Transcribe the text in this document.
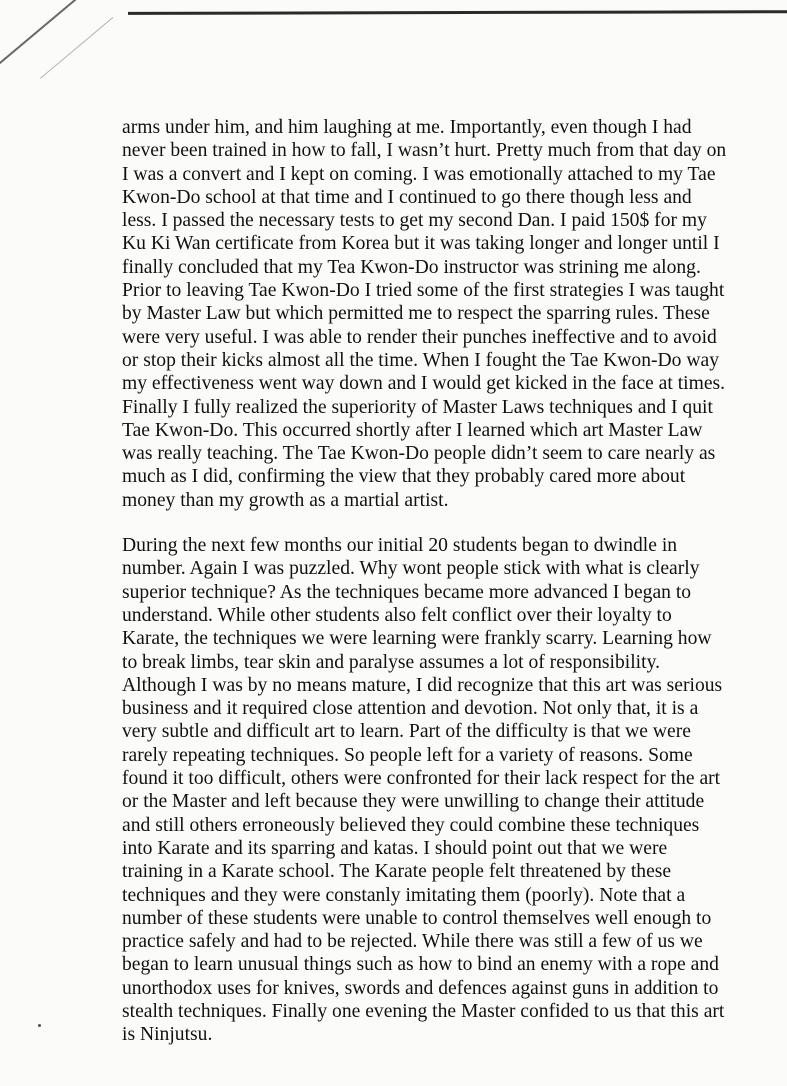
arms under him, and him laughing at me. Importantly, even though I had
never been trained in how to fall, I wasn’t hurt. Pretty much from that day on
I was a convert and I kept on coming. I was emotionally attached to my Tae
Kwon-Do school at that time and I continued to go there though less and
less. I passed the necessary tests to get my second Dan. I paid 150$ for my
Ku Ki Wan certificate from Korea but it was taking longer and longer until I
finally concluded that my Tea Kwon-Do instructor was strining me along.
Prior to leaving Tae Kwon-Do I tried some of the first strategies I was taught
by Master Law but which permitted me to respect the sparring rules. These
were very useful. I was able to render their punches ineffective and to avoid
or stop their kicks almost all the time. When I fought the Tae Kwon-Do way
my effectiveness went way down and I would get kicked in the face at times.
Finally I fully realized the superiority of Master Laws techniques and I quit
Tae Kwon-Do. This occurred shortly after I learned which art Master Law
was really teaching. The Tae Kwon-Do people didn’t seem to care nearly as
much as I did, confirming the view that they probably cared more about
money than my growth as a martial artist.

During the next few months our initial 20 students began to dwindle in
number. Again I was puzzled. Why wont people stick with what is clearly
superior technique? As the techniques became more advanced I began to
understand. While other students also felt conflict over their loyalty to
Karate, the techniques we were learning were frankly scarry. Learning how
to break limbs, tear skin and paralyse assumes a lot of responsibility.
Although I was by no means mature, I did recognize that this art was serious
business and it required close attention and devotion. Not only that, it is a
very subtle and difficult art to learn. Part of the difficulty is that we were
rarely repeating techniques. So people left for a variety of reasons. Some
found it too difficult, others were confronted for their lack respect for the art
or the Master and left because they were unwilling to change their attitude
and still others erroneously believed they could combine these techniques
into Karate and its sparring and katas. I should point out that we were
training in a Karate school. The Karate people felt threatened by these
techniques and they were constanly imitating them (poorly). Note that a
number of these students were unable to control themselves well enough to
practice safely and had to be rejected. While there was still a few of us we
began to learn unusual things such as how to bind an enemy with a rope and
unorthodox uses for knives, swords and defences against guns in addition to
stealth techniques. Finally one evening the Master confided to us that this art
is Ninjutsu.
